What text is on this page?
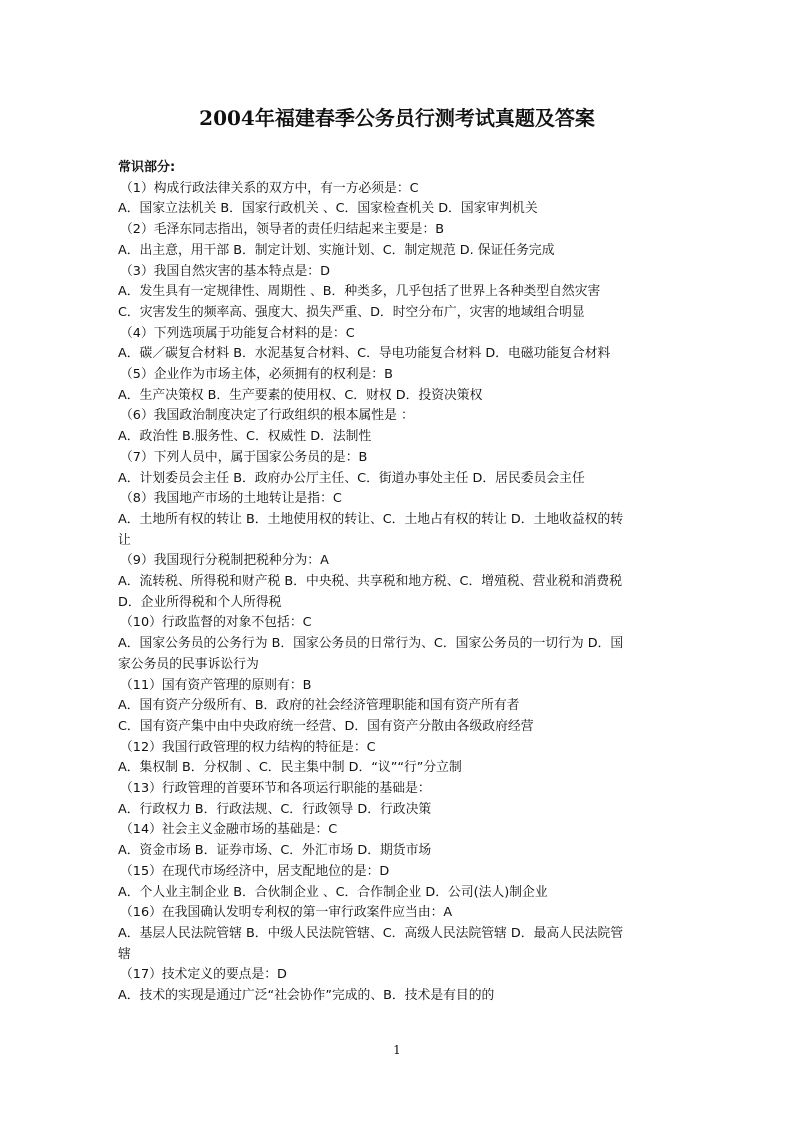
2004年福建春季公务员行测考试真题及答案
常识部分:
（1）构成行政法律关系的双方中，有一方必须是：C
A．国家立法机关 B．国家行政机关 、C．国家检查机关 D．国家审判机关
（2）毛泽东同志指出，领导者的责任归结起来主要是：B
A．出主意，用干部 B．制定计划、实施计划、C．制定规范 D. 保证任务完成
（3）我国自然灾害的基本特点是：D
A．发生具有一定规律性、周期性 、B．种类多，几乎包括了世界上各种类型自然灾害
C．灾害发生的频率高、强度大、损失严重、D．时空分布广，灾害的地域组合明显
（4）下列选项属于功能复合材料的是：C
A．碳／碳复合材料 B．水泥基复合材料、C．导电功能复合材料 D．电磁功能复合材料
（5）企业作为市场主体，必须拥有的权利是：B
A．生产决策权 B．生产要素的使用权、C．财权 D．投资决策权
（6）我国政治制度决定了行政组织的根本属性是 ：
A．政治性 B.服务性、C．权威性 D．法制性
（7）下列人员中，属于国家公务员的是：B
A．计划委员会主任 B．政府办公厅主任、C．街道办事处主任 D．居民委员会主任
（8）我国地产市场的土地转让是指：C
A．土地所有权的转让 B．土地使用权的转让、C．土地占有权的转让 D．土地收益权的转
让
（9）我国现行分税制把税种分为：A
A．流转税、所得税和财产税 B．中央税、共享税和地方税、C．增殖税、营业税和消费税
D．企业所得税和个人所得税
（10）行政监督的对象不包括：C
A．国家公务员的公务行为 B．国家公务员的日常行为、C．国家公务员的一切行为 D．国
家公务员的民事诉讼行为
（11）国有资产管理的原则有：B
A．国有资产分级所有、B．政府的社会经济管理职能和国有资产所有者
C．国有资产集中由中央政府统一经营、D．国有资产分散由各级政府经营
（12）我国行政管理的权力结构的特征是：C
A．集权制 B．分权制 、C．民主集中制 D．“议”“行”分立制
（13）行政管理的首要环节和各项运行职能的基础是：
A．行政权力 B．行政法规、C．行政领导 D．行政决策
（14）社会主义金融市场的基础是：C
A．资金市场 B．证券市场、C．外汇市场 D．期货市场
（15）在现代市场经济中，居支配地位的是：D
A．个人业主制企业 B．合伙制企业 、C．合作制企业 D．公司(法人)制企业
（16）在我国确认发明专利权的第一审行政案件应当由：A
A．基层人民法院管辖 B．中级人民法院管辖、C．高级人民法院管辖 D．最高人民法院管
辖
（17）技术定义的要点是：D
A．技术的实现是通过广泛“社会协作”完成的、B．技术是有目的的
1
